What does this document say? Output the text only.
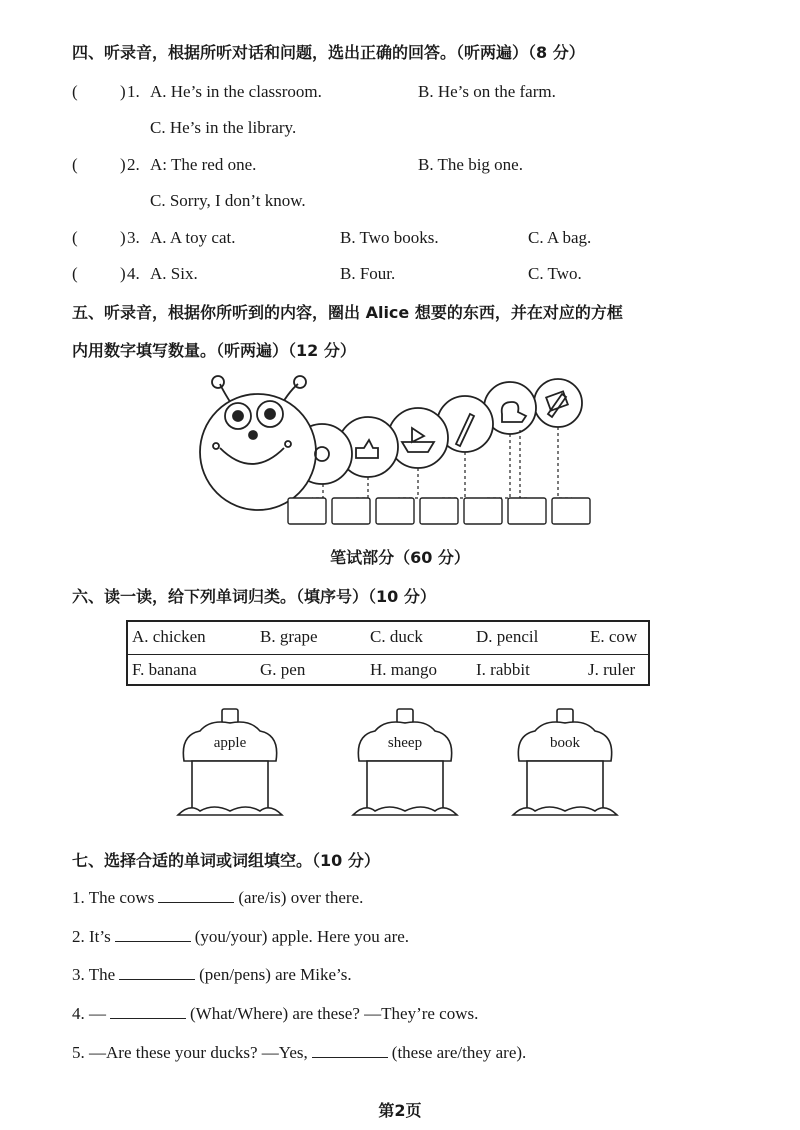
四、听录音，根据所听对话和问题，选出正确的回答。（听两遍）（8 分）
( ) 1. A. He’s in the classroom.	B. He’s on the farm.
C. He’s in the library.
( ) 2. A: The red one.	B. The big one.
C. Sorry, I don’t know.
( ) 3. A. A toy cat.	B. Two books.	C. A bag.
( ) 4. A. Six.	B. Four.	C. Two.
五、听录音，根据你所听到的内容，圈出 Alice 想要的东西，并在对应的方框
内用数字填写数量。（听两遍）（12 分）
笔试部分（60 分）
六、读一读，给下列单词归类。（填序号）（10 分）
A. chicken	B. grape	C. duck	D. pencil	E. cow
F. banana	G. pen	H. mango I. rabbit	J. ruler
apple	sheep	book
七、选择合适的单词或词组填空。（10 分）
1. The cows	(are/is) over there.
2. It’s	(you/your) apple. Here you are.
3. The	(pen/pens) are Mike’s.
4. —	(What/Where) are these? —They’re cows.
5. —Are these your ducks? —Yes,	(these are/they are).
第2页
